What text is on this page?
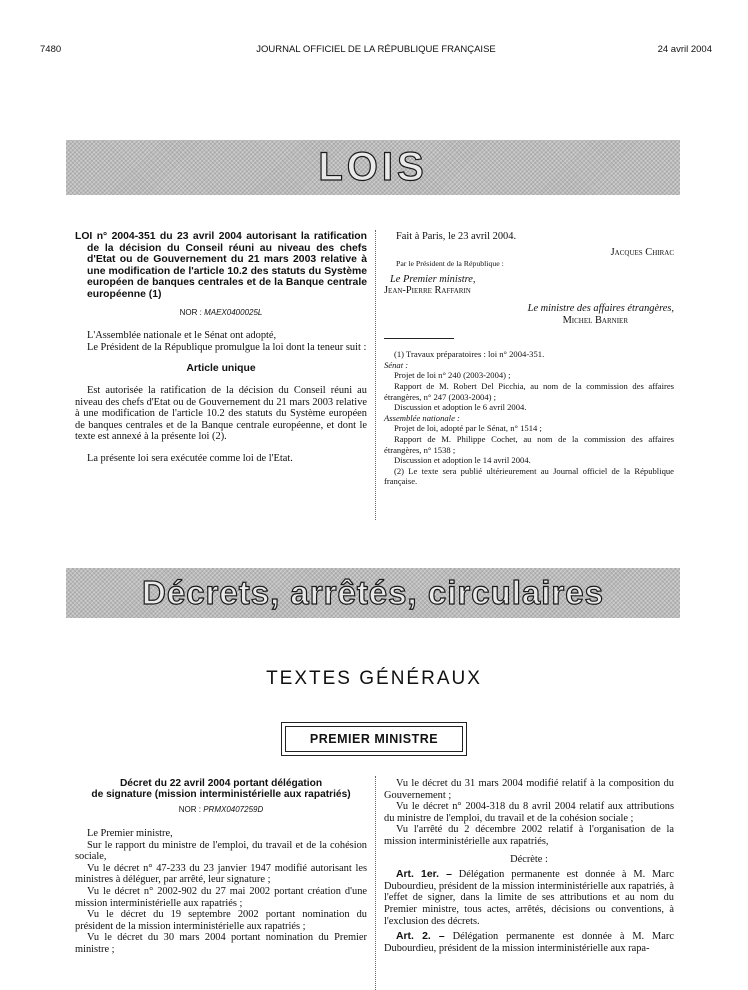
7480	JOURNAL OFFICIEL DE LA RÉPUBLIQUE FRANÇAISE	24 avril 2004
LOIS
LOI n° 2004-351 du 23 avril 2004 autorisant la ratification de la décision du Conseil réuni au niveau des chefs d'Etat ou de Gouvernement du 21 mars 2003 relative à une modification de l'article 10.2 des statuts du Système européen de banques centrales et de la Banque centrale européenne (1)
NOR : MAEX0400025L

L'Assemblée nationale et le Sénat ont adopté,

Le Président de la République promulgue la loi dont la teneur suit :

Article unique

Est autorisée la ratification de la décision du Conseil réuni au niveau des chefs d'Etat ou de Gouvernement du 21 mars 2003 relative à une modification de l'article 10.2 des statuts du Système européen de banques centrales et de la Banque centrale européenne, et dont le texte est annexé à la présente loi (2).

La présente loi sera exécutée comme loi de l'Etat.

Fait à Paris, le 23 avril 2004.

Jacques Chirac
Par le Président de la République :
Le Premier ministre,
Jean-Pierre Raffarin
Le ministre des affaires étrangères,
Michel Barnier

(1) Travaux préparatoires : loi n° 2004-351.

Sénat :

Projet de loi n° 240 (2003-2004) ;

Rapport de M. Robert Del Picchia, au nom de la commission des affaires étrangères, n° 247 (2003-2004) ;

Discussion et adoption le 6 avril 2004.

Assemblée nationale :

Projet de loi, adopté par le Sénat, n° 1514 ;

Rapport de M. Philippe Cochet, au nom de la commission des affaires étrangères, n° 1538 ;

Discussion et adoption le 14 avril 2004.

(2) Le texte sera publié ultérieurement au Journal officiel de la République française.

Décrets, arrêtés, circulaires
TEXTES GÉNÉRAUX
PREMIER MINISTRE
Décret du 22 avril 2004 portant délégation
de signature (mission interministérielle aux rapatriés)
NOR : PRMX0407259D

Le Premier ministre,

Sur le rapport du ministre de l'emploi, du travail et de la cohésion sociale,

Vu le décret n° 47-233 du 23 janvier 1947 modifié autorisant les ministres à déléguer, par arrêté, leur signature ;

Vu le décret n° 2002-902 du 27 mai 2002 portant création d'une mission interministérielle aux rapatriés ;

Vu le décret du 19 septembre 2002 portant nomination du président de la mission interministérielle aux rapatriés ;

Vu le décret du 30 mars 2004 portant nomination du Premier ministre ;

Vu le décret du 31 mars 2004 modifié relatif à la composition du Gouvernement ;

Vu le décret n° 2004-318 du 8 avril 2004 relatif aux attributions du ministre de l'emploi, du travail et de la cohésion sociale ;

Vu l'arrêté du 2 décembre 2002 relatif à l'organisation de la mission interministérielle aux rapatriés,

Décrète :

Art. 1er. – Délégation permanente est donnée à M. Marc Dubourdieu, président de la mission interministérielle aux rapatriés, à l'effet de signer, dans la limite de ses attributions et au nom du Premier ministre, tous actes, arrêtés, décisions ou conventions, à l'exclusion des décrets.

Art. 2. – Délégation permanente est donnée à M. Marc Dubourdieu, président de la mission interministérielle aux rapa-
